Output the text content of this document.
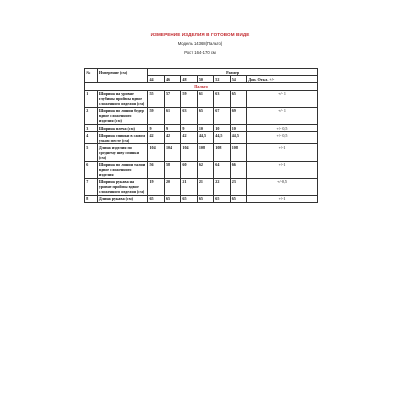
ИЗМЕРЕНИЕ ИЗДЕЛИЯ В ГОТОВОМ ВИДЕ
Модель 14368(Пальто)
Рост 164-170 см
№	Измерение (см)	Размер						
		44	46	48	50	52	54	Доп. Откл. +/-
Пальто								
1	Ширина на уровне глубины проймы вдвое сложенного изделия (см)	55	57	59	61	63	65	+/- 1
2	Ширина по линии бедер вдвое сложенного изделия (см)	59	61	63	65	67	69	+/- 1
3	Ширина плеча (см)	9	9	9	10	10	10	+/- 0,5
4	Ширина спинки в самом узком месте (см)	42	42	42	44,5	44,5	44,5	+/- 0,5
5	Длина изделия по среднему шву спинки (см)	104	104	104	108	108	108	+/-1
6	Ширина по линии талии вдвое сложенного изделия	56	58	60	62	64	66	+/-1
7	Ширина рукава на уровне проймы вдвое сложенного изделия (см)	19	20	21	21	22	23	+/-0,5
8	Длина рукава (см)	65	65	65	65	65	65	+/-1
